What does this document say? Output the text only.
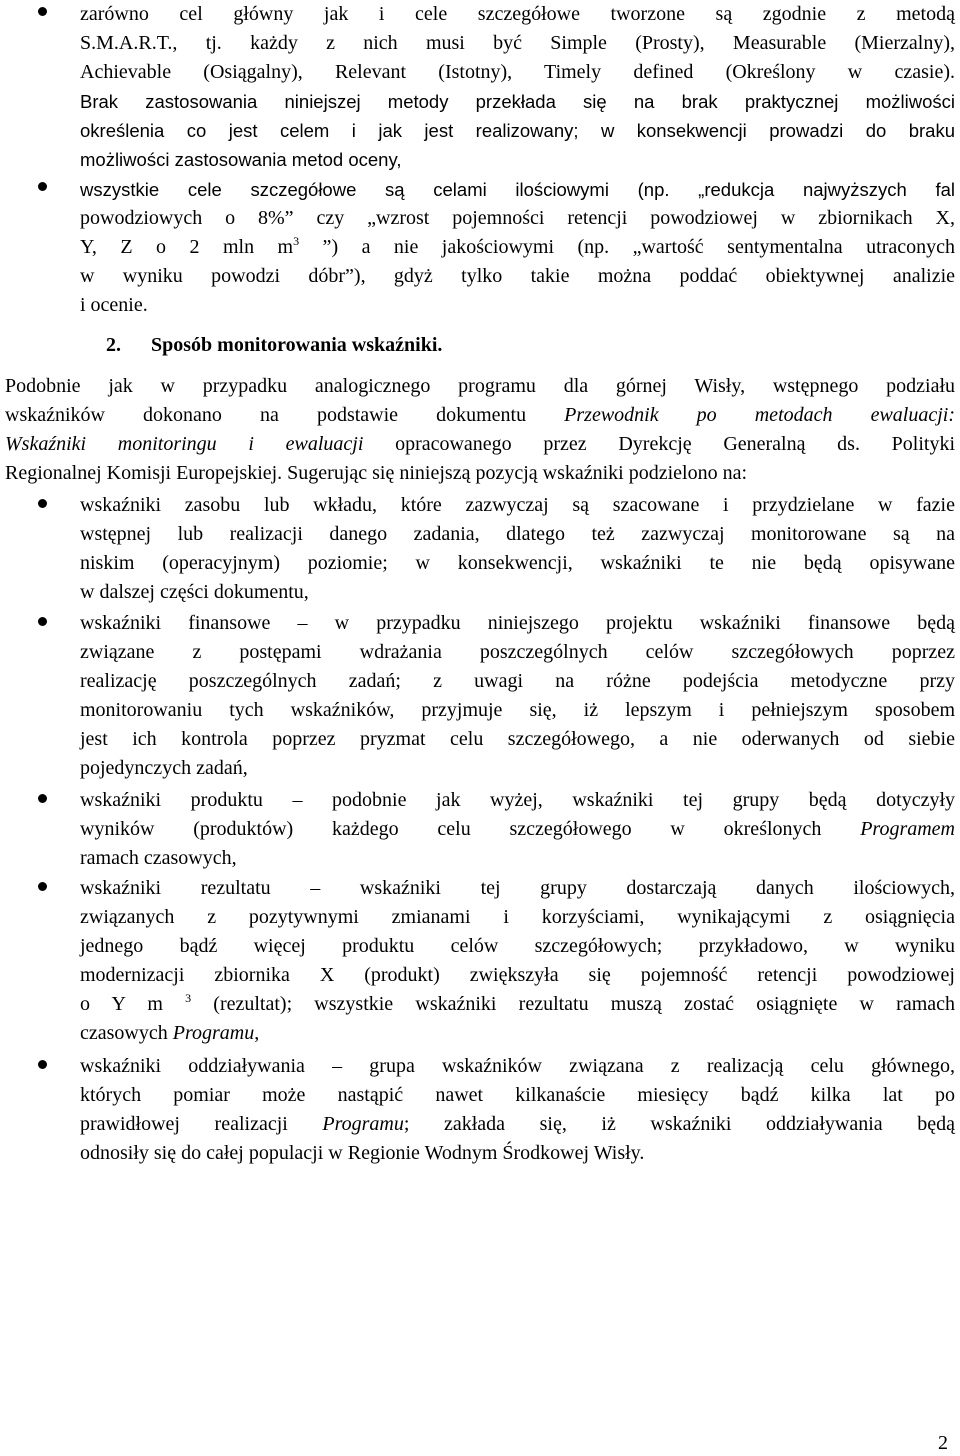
zarówno cel główny jak i cele szczegółowe tworzone są zgodnie z metodą
S.M.A.R.T., tj. każdy z nich musi być Simple (Prosty), Measurable (Mierzalny),
Achievable (Osiągalny), Relevant (Istotny), Timely defined (Określony w czasie).
Brak zastosowania niniejszej metody przekłada się na brak praktycznej możliwości
określenia co jest celem i jak jest realizowany; w konsekwencji prowadzi do braku
możliwości zastosowania metod oceny,
wszystkie cele szczegółowe są celami ilościowymi (np. „redukcja najwyższych fal
powodziowych o 8%” czy „wzrost pojemności retencji powodziowej w zbiornikach X,
Y, Z o 2 mln $m^3$ ”) a nie jakościowymi (np. „wartość sentymentalna utraconych
w wyniku powodzi dóbr”), gdyż tylko takie można poddać obiektywnej analizie
i ocenie.
2. Sposób monitorowania wskaźniki.
Podobnie jak w przypadku analogicznego programu dla górnej Wisły, wstępnego podziału
wskaźników dokonano na podstawie dokumentu Przewodnik po metodach ewaluacji:
Wskaźniki monitoringu i ewaluacji opracowanego przez Dyrekcję Generalną ds. Polityki
Regionalnej Komisji Europejskiej. Sugerując się niniejszą pozycją wskaźniki podzielono na:
wskaźniki zasobu lub wkładu, które zazwyczaj są szacowane i przydzielane w fazie
wstępnej lub realizacji danego zadania, dlatego też zazwyczaj monitorowane są na
niskim (operacyjnym) poziomie; w konsekwencji, wskaźniki te nie będą opisywane
w dalszej części dokumentu,
wskaźniki finansowe – w przypadku niniejszego projektu wskaźniki finansowe będą
związane z postępami wdrażania poszczególnych celów szczegółowych poprzez
realizację poszczególnych zadań; z uwagi na różne podejścia metodyczne przy
monitorowaniu tych wskaźników, przyjmuje się, iż lepszym i pełniejszym sposobem
jest ich kontrola poprzez pryzmat celu szczegółowego, a nie oderwanych od siebie
pojedynczych zadań,
wskaźniki produktu – podobnie jak wyżej, wskaźniki tej grupy będą dotyczyły
wyników (produktów) każdego celu szczegółowego w określonych Programem
ramach czasowych,
wskaźniki rezultatu – wskaźniki tej grupy dostarczają danych ilościowych,
związanych z pozytywnymi zmianami i korzyściami, wynikającymi z osiągnięcia
jednego bądź więcej produktu celów szczegółowych; przykładowo, w wyniku
modernizacji zbiornika X (produkt) zwiększyła się pojemność retencji powodziowej
o Y m $^3$ (rezultat); wszystkie wskaźniki rezultatu muszą zostać osiągnięte w ramach
czasowych Programu,
wskaźniki oddziaływania – grupa wskaźników związana z realizacją celu głównego,
których pomiar może nastąpić nawet kilkanaście miesięcy bądź kilka lat po
prawidłowej realizacji Programu; zakłada się, iż wskaźniki oddziaływania będą
odnosiły się do całej populacji w Regionie Wodnym Środkowej Wisły.
2
